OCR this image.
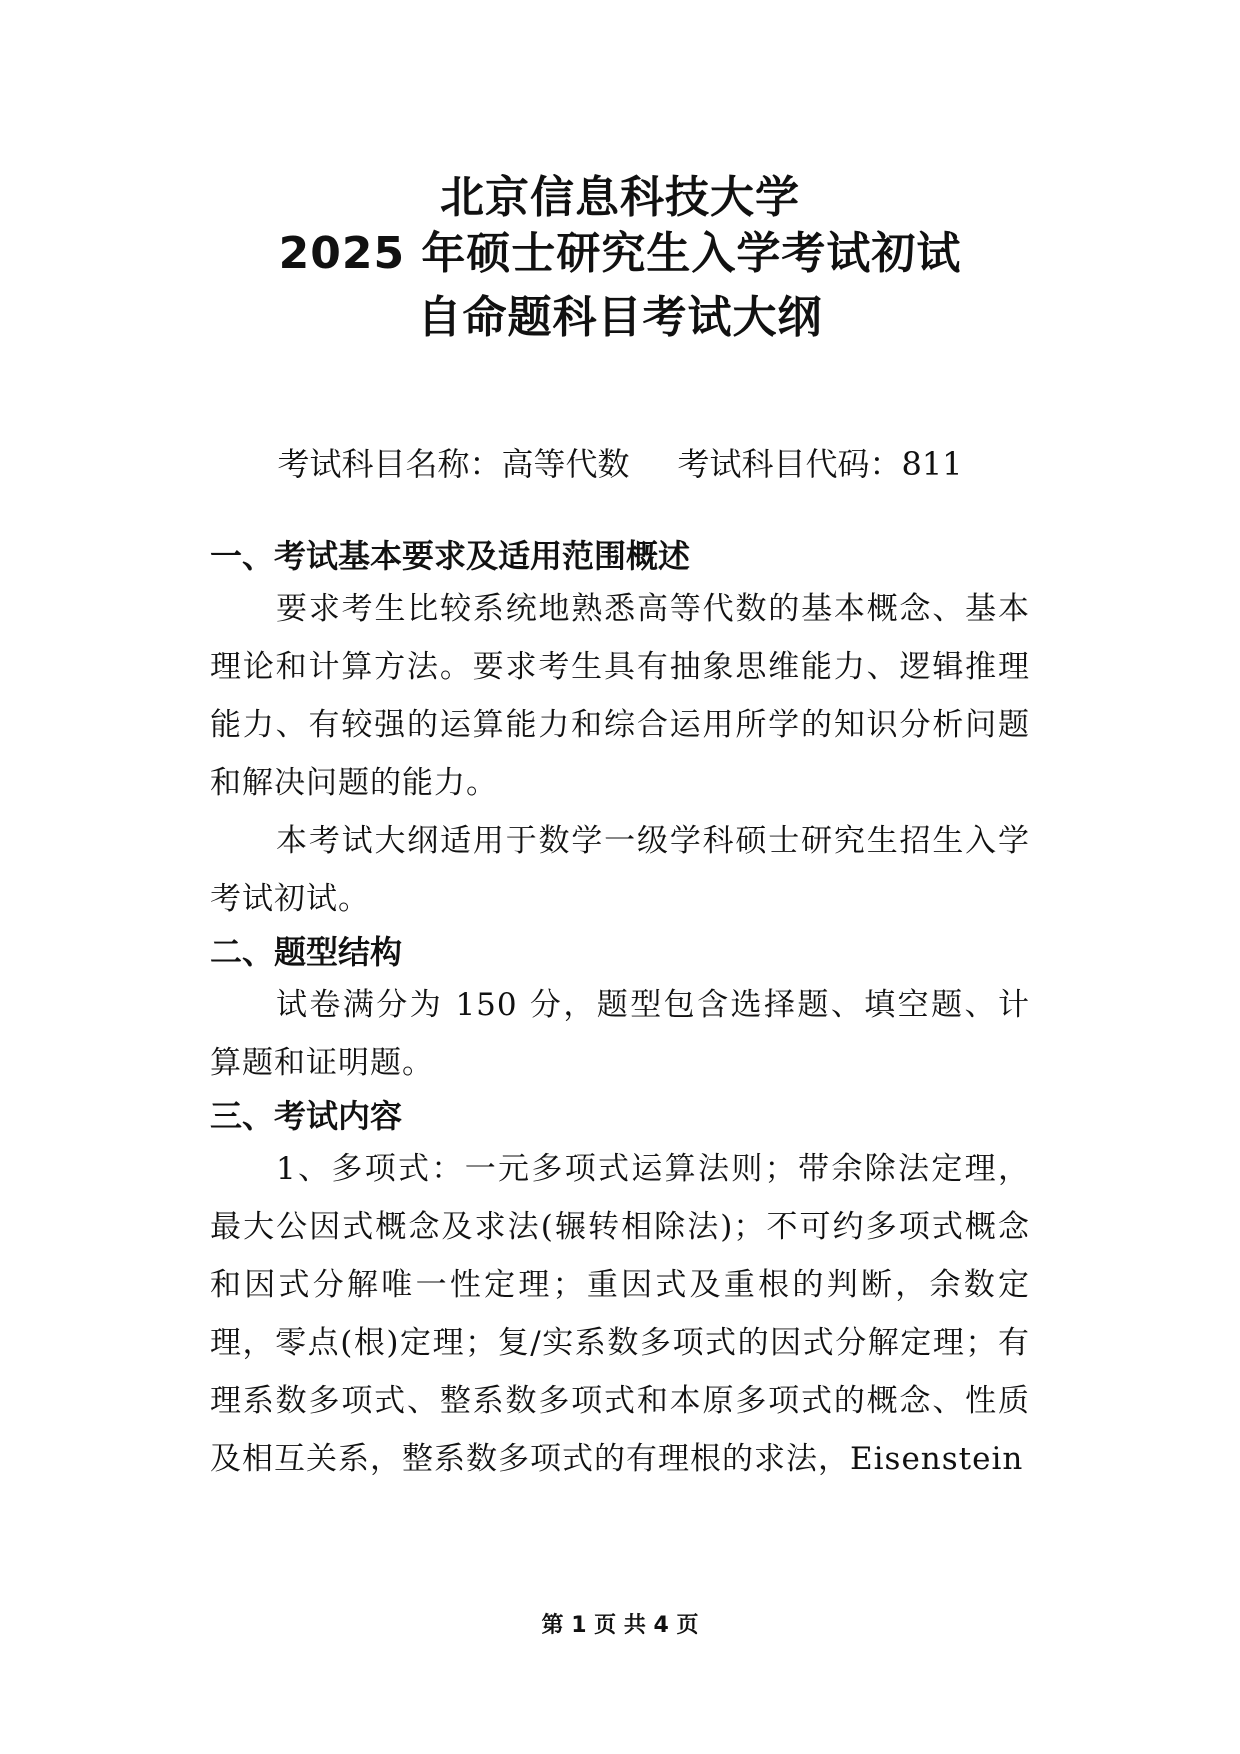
北京信息科技大学
2025 年硕士研究生入学考试初试
自命题科目考试大纲
考试科目名称：高等代数 考试科目代码：811
一、考试基本要求及适用范围概述
要求考生比较系统地熟悉高等代数的基本概念、基本理论和计算方法。要求考生具有抽象思维能力、逻辑推理能力、有较强的运算能力和综合运用所学的知识分析问题和解决问题的能力。
本考试大纲适用于数学一级学科硕士研究生招生入学考试初试。
二、题型结构
试卷满分为 150 分，题型包含选择题、填空题、计算题和证明题。
三、考试内容
1、多项式：一元多项式运算法则；带余除法定理，最大公因式概念及求法(辗转相除法)；不可约多项式概念和因式分解唯一性定理；重因式及重根的判断，余数定理，零点(根)定理；复/实系数多项式的因式分解定理；有理系数多项式、整系数多项式和本原多项式的概念、性质及相互关系，整系数多项式的有理根的求法，Eisenstein
第 1 页 共 4 页
